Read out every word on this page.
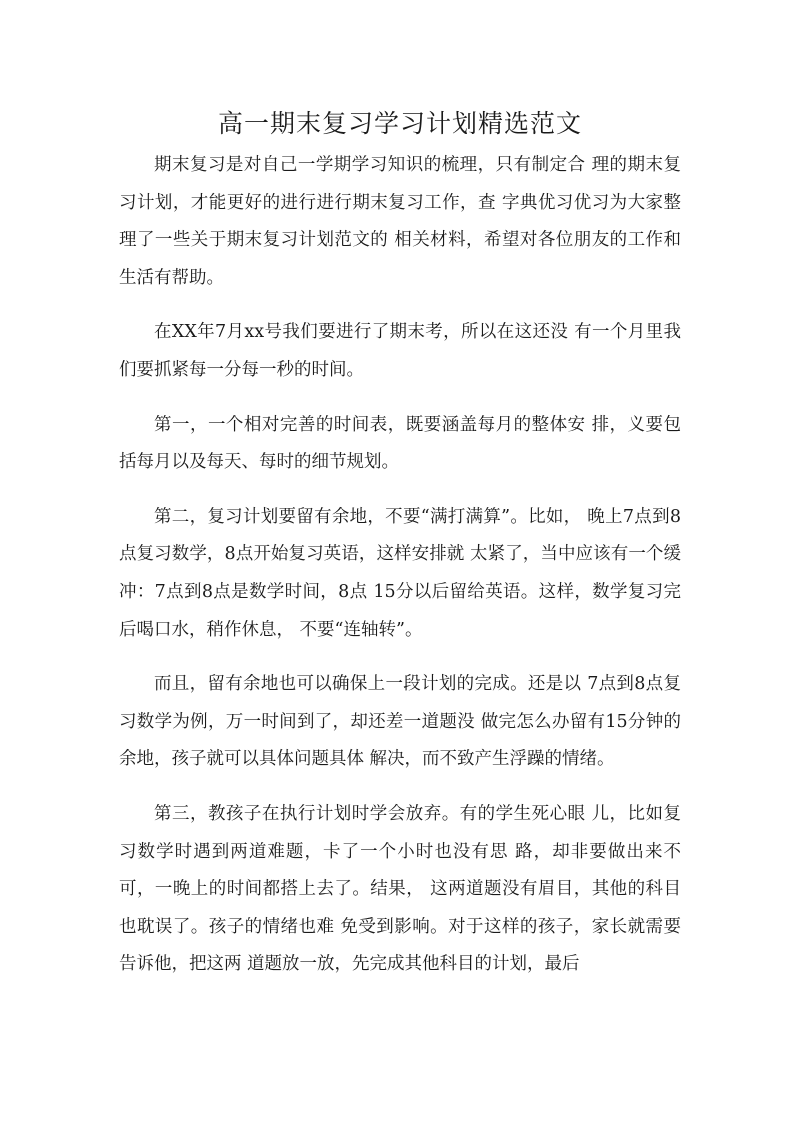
高一期末复习学习计划精选范文

期末复习是对自己一学期学习知识的梳理，只有制定合 理的期末复习计划，才能更好的进行进行期末复习工作，查 字典优习优习为大家整理了一些关于期末复习计划范文的 相关材料，希望对各位朋友的工作和生活有帮助。

在XX年7月xx号我们要进行了期末考，所以在这还没 有一个月里我们要抓紧每一分每一秒的时间。

第一，一个相对完善的时间表，既要涵盖每月的整体安 排，义要包括每月以及每天、每时的细节规划。

第二，复习计划要留有余地，不要“满打满算”。比如， 晚上7点到8点复习数学，8点开始复习英语，这样安排就 太紧了，当中应该有一个缓冲：7点到8点是数学时间，8点 15分以后留给英语。这样，数学复习完后喝口水，稍作休息， 不要“连轴转”。

而且，留有余地也可以确保上一段计划的完成。还是以 7点到8点复习数学为例，万一时间到了，却还差一道题没 做完怎么办留有15分钟的余地，孩子就可以具体问题具体 解决，而不致产生浮躁的情绪。

第三，教孩子在执行计划时学会放弃。有的学生死心眼 儿，比如复习数学时遇到两道难题，卡了一个小时也没有思 路，却非要做出来不可，一晚上的时间都搭上去了。结果， 这两道题没有眉目，其他的科目也耽误了。孩子的情绪也难 免受到影响。对于这样的孩子，家长就需要告诉他，把这两 道题放一放，先完成其他科目的计划，最后
